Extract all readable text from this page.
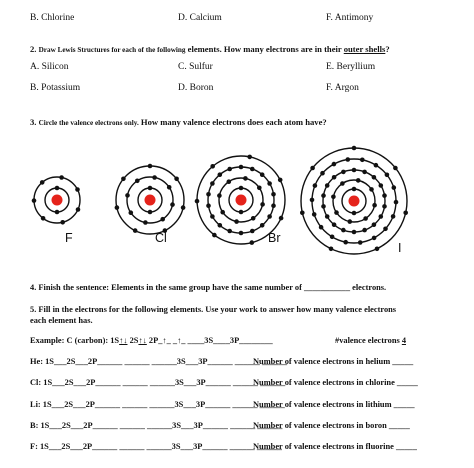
B. Chlorine	D. Calcium	F. Antimony
2. Draw Lewis Structures for each of the following elements. How many electrons are in their outer shells?
A. Silicon	C. Sulfur	E. Beryllium
B. Potassium	D. Boron	F. Argon
3. Circle the valence electrons only. How many valence electrons does each atom have?
F	Cl	Br
I
4. Finish the sentence: Elements in the same group have the same number of ___________ electrons.
5. Fill in the electrons for the following elements. Use your work to answer how many valence electrons
each element has.
Example: C (carbon): 1S↑↓ 2S↑↓ 2P_↑_ _↑_ ____3S____3P________	#valence electrons 4
He: 1S___2S___2P______ ______ ______3S___3P______ ______ ______
Number of valence electrons in helium _____
Cl: 1S___2S___2P______ ______ ______3S___3P______ ______ ______
Number of valence electrons in chlorine _____
Li: 1S___2S___2P______ ______ ______3S___3P______ ______ ______
Number of valence electrons in lithium _____
B: 1S___2S___2P______ ______ ______3S___3P______ ______ ______
Number of valence electrons in boron _____
F: 1S___2S___2P______ ______ ______3S___3P______ ______ ______
Number of valence electrons in fluorine _____
